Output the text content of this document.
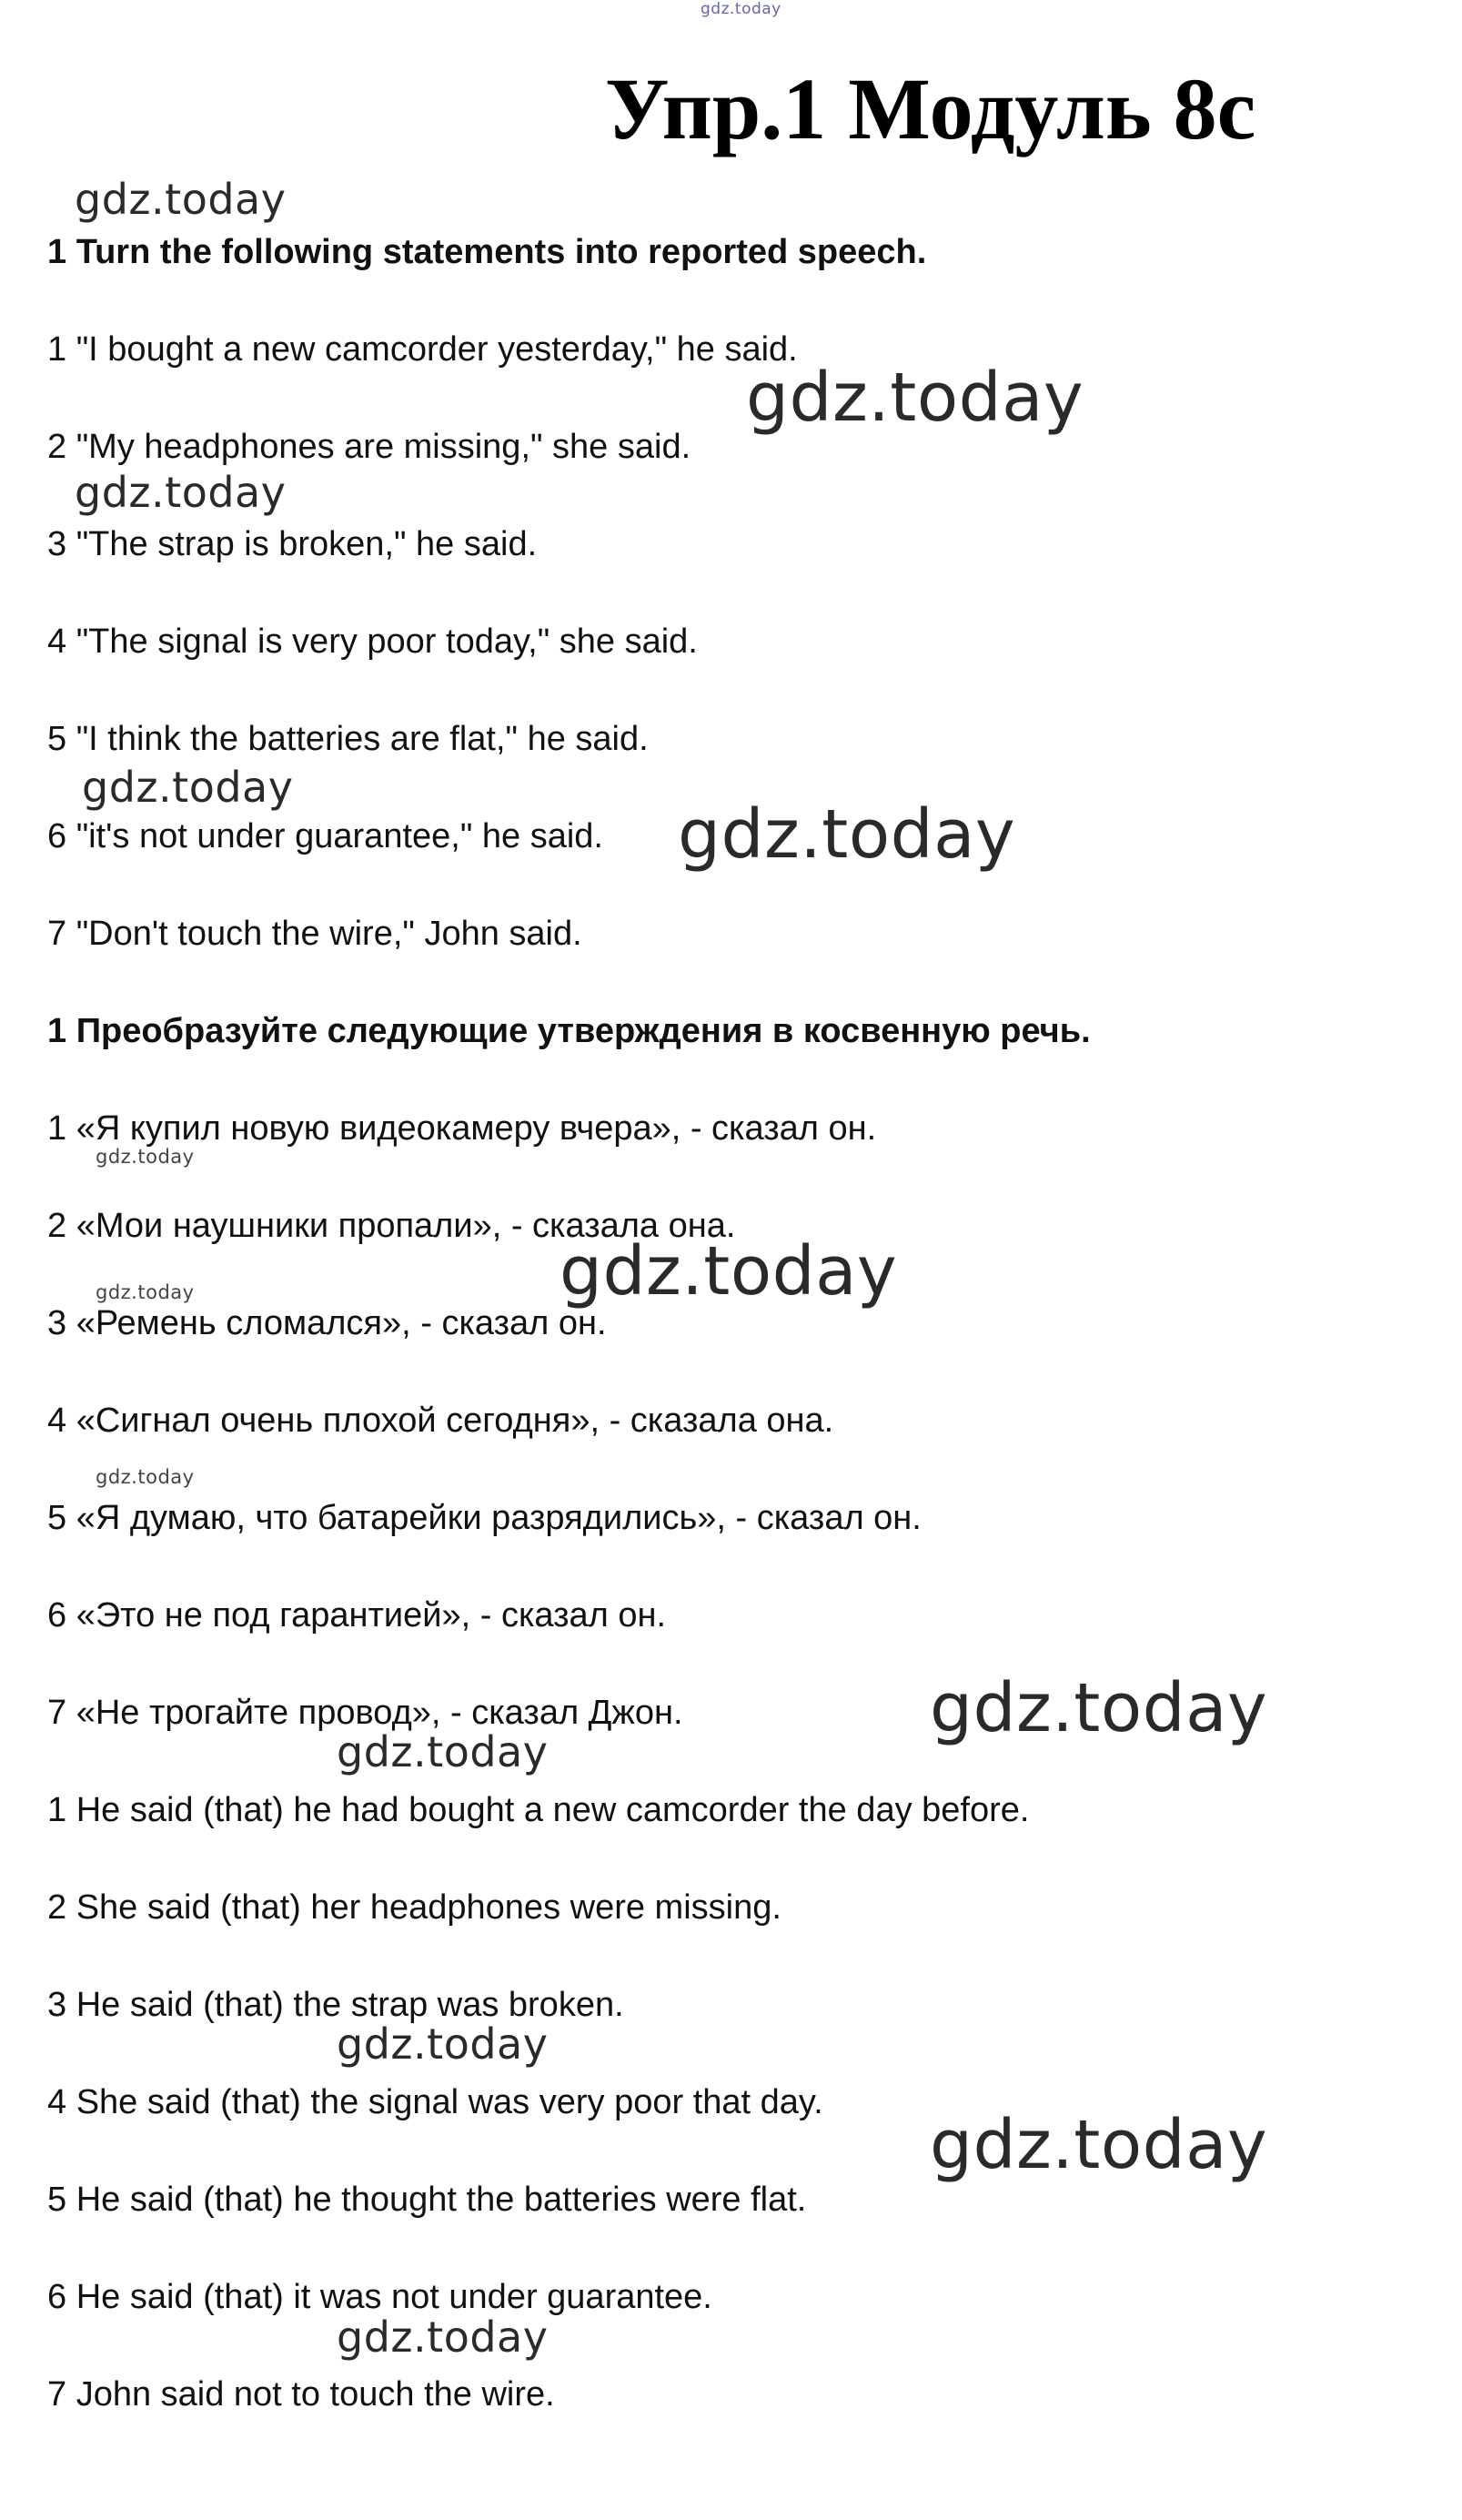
gdz.today
Упр.1 Модуль 8с
1 Turn the following statements into reported speech.
1 "I bought a new camcorder yesterday," he said.
2 "My headphones are missing," she said.
3 "The strap is broken," he said.
4 "The signal is very poor today," she said.
5 "I think the batteries are flat," he said.
6 "it's not under guarantee," he said.
7 "Don't touch the wire," John said.
1 Преобразуйте следующие утверждения в косвенную речь.
1 «Я купил новую видеокамеру вчера», - сказал он.
2 «Мои наушники пропали», - сказала она.
3 «Ремень сломался», - сказал он.
4 «Сигнал очень плохой сегодня», - сказала она.
5 «Я думаю, что батарейки разрядились», - сказал он.
6 «Это не под гарантией», - сказал он.
7 «Не трогайте провод», - сказал Джон.
1 He said (that) he had bought a new camcorder the day before.
2 She said (that) her headphones were missing.
3 He said (that) the strap was broken.
4 She said (that) the signal was very poor that day.
5 He said (that) he thought the batteries were flat.
6 He said (that) it was not under guarantee.
7 John said not to touch the wire.
gdz.today
gdz.today
gdz.today
gdz.today
gdz.today
gdz.today
gdz.today
gdz.today
gdz.today
gdz.today
gdz.today
gdz.today
gdz.today
gdz.today
